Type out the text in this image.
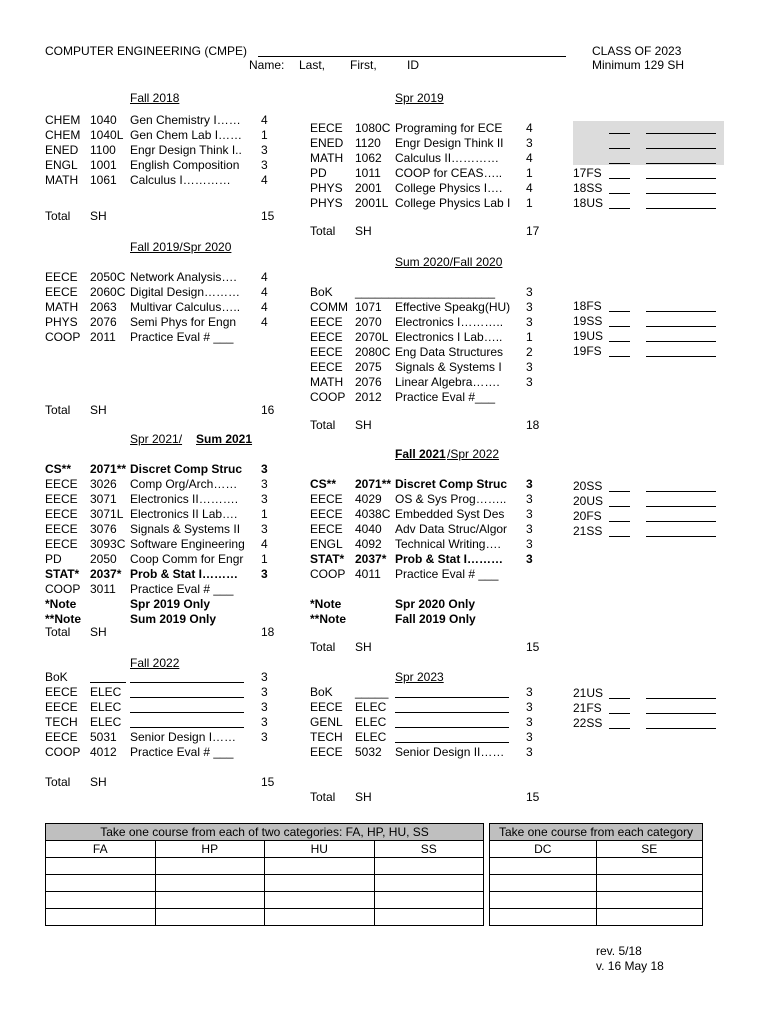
COMPUTER ENGINEERING (CMPE)	CLASS OF 2023
Name: Last, First,	ID	Minimum 129 SH
Fall 2018
CHEM 1040 Gen Chemistry I…… 4
CHEM 1040L Gen Chem Lab I…… 1
ENED 1100 Engr Design Think I.. 3
ENGL 1001 English Composition 3
MATH 1061 Calculus I…………	4
Total SH	15
Spr 2019
EECE 1080C Programing for ECE 4
ENED 1120 Engr Design Think II 3
MATH 1062 Calculus II………… 4
PD 1011 COOP for CEAS….. 1
PHYS 2001 College Physics I…. 4
PHYS 2001L College Physics Lab I 1
Total SH	17
Fall 2019/Spr 2020
EECE 2050C Network Analysis…. 4
EECE 2060C Digital Design……… 4
MATH 2063 Multivar Calculus….. 4
PHYS 2076 Semi Phys for Engn 4
COOP 2011 Practice Eval # ___
Total SH	16
Sum 2020/Fall 2020
BoK ______ _______________	3
COMM 1071 Effective Speakg(HU) 3
EECE 2070 Electronics I……….. 3
EECE 2070L Electronics I Lab….. 1
EECE 2080C Eng Data Structures 2
EECE 2075 Signals & Systems I 3
MATH 2076 Linear Algebra……. 3
COOP 2012 Practice Eval #___
Total SH	18
Spr 2021/ Sum 2021
CS** 2071** Discret Comp Struc 3
EECE 3026 Comp Org/Arch…… 3
EECE 3071 Electronics II………. 3
EECE 3071L Electronics II Lab…. 1
EECE 3076 Signals & Systems II 3
EECE 3093C Software Engineering 4
PD 2050 Coop Comm for Engr 1
STAT* 2037* Prob & Stat I……… 3
COOP 3011 Practice Eval # ___
*Note	Spr 2019 Only
**Note	Sum 2019 Only
Total SH	18
Fall 2021 /Spr 2022
CS** 2071** Discret Comp Struc 3
EECE 4029 OS & Sys Prog…….. 3
EECE 4038C Embedded Syst Des 3
EECE 4040 Adv Data Struc/Algor 3
ENGL 4092 Technical Writing…. 3
STAT* 2037* Prob & Stat I……… 3
COOP 4011 Practice Eval # ___
*Note	Spr 2020 Only
**Note	Fall 2019 Only
Total SH	15
Fall 2022
BoK	3
EECE ELEC	3
EECE ELEC	3
TECH ELEC	3
EECE 5031 Senior Design I…… 3
COOP 4012 Practice Eval # ___
Total SH	15
Spr 2023
BoK _____	3
EECE ELEC	3
GENL ELEC	3
TECH ELEC	3
EECE 5032 Senior Design II…… 3
Total SH	15
17FS
18SS
18US
18FS
19SS
19US
19FS
20SS
20US
20FS
21SS
21US
21FS
22SS
Take one course from each of two categories: FA, HP, HU, SS			
FA	HP	HU	SS

Take one course from each category	
DC	SE

rev. 5/18
v. 16 May 18
